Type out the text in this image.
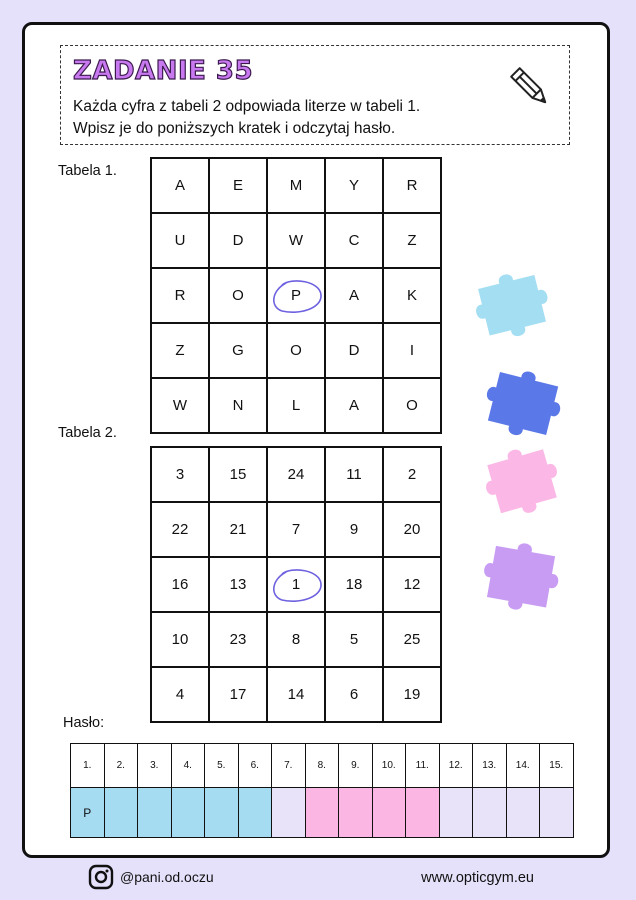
ZADANIE 35
Każda cyfra z tabeli 2 odpowiada literze w tabeli 1.
Wpisz je do poniższych kratek i odczytaj hasło.
Tabela 1.
A	E	M	Y	R
U	D	W	C	Z
R	O	P	A	K
Z	G	O	D	I
W	N	L	A	O
Tabela 2.
3	15	24	11	2
22	21	7	9	20
16	13	1	18	12
10	23	8	5	25
4	17	14	6	19
Hasło:
1.	2.	3.	4.	5.	6.	7.	8.	9.	10.	11.	12.	13.	14.	15.
P														
@pani.od.oczu	www.opticgym.eu
